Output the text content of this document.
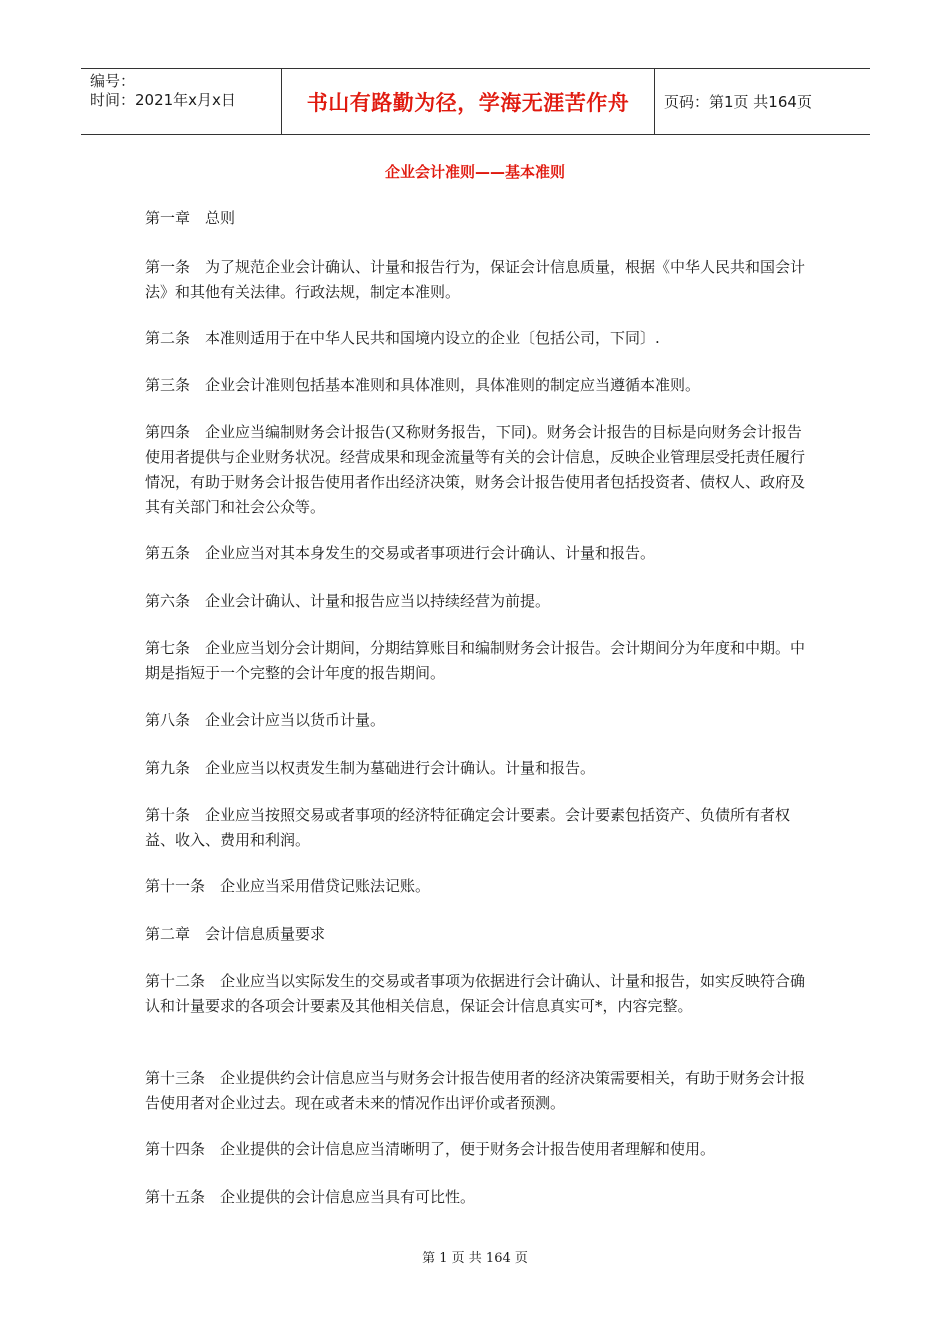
编号：
时间：2021年x月x日	书山有路勤为径，学海无涯苦作舟	页码：第1页 共164页
企业会计准则——基本准则

第一章　总则

第一条　为了规范企业会计确认、计量和报告行为，保证会计信息质量，根据《中华人民共和国会计法》和其他有关法律。行政法规，制定本准则。

第二条　本准则适用于在中华人民共和国境内设立的企业〔包括公司，下同〕.

第三条　企业会计准则包括基本准则和具体准则，具体准则的制定应当遵循本准则。

第四条　企业应当编制财务会计报告(又称财务报告，下同)。财务会计报告的目标是向财务会计报告使用者提供与企业财务状况。经营成果和现金流量等有关的会计信息，反映企业管理层受托责任履行情况，有助于财务会计报告使用者作出经济决策，财务会计报告使用者包括投资者、债权人、政府及其有关部门和社会公众等。

第五条　企业应当对其本身发生的交易或者事项进行会计确认、计量和报告。

第六条　企业会计确认、计量和报告应当以持续经营为前提。

第七条　企业应当划分会计期间，分期结算账目和编制财务会计报告。会计期间分为年度和中期。中期是指短于一个完整的会计年度的报告期间。

第八条　企业会计应当以货币计量。

第九条　企业应当以权责发生制为墓础进行会计确认。计量和报告。

第十条　企业应当按照交易或者事项的经济特征确定会计要素。会计要素包括资产、负债所有者权益、收入、费用和利润。

第十一条　企业应当采用借贷记账法记账。

第二章　会计信息质量要求

第十二条　企业应当以实际发生的交易或者事项为依据进行会计确认、计量和报告，如实反映符合确认和计量要求的各项会计要素及其他相关信息，保证会计信息真实可*，内容完整。

第十三条　企业提供约会计信息应当与财务会计报告使用者的经济决策需要相关，有助于财务会计报告使用者对企业过去。现在或者未来的情况作出评价或者预测。

第十四条　企业提供的会计信息应当清晰明了，便于财务会计报告使用者理解和使用。

第十五条　企业提供的会计信息应当具有可比性。

第 1 页 共 164 页
